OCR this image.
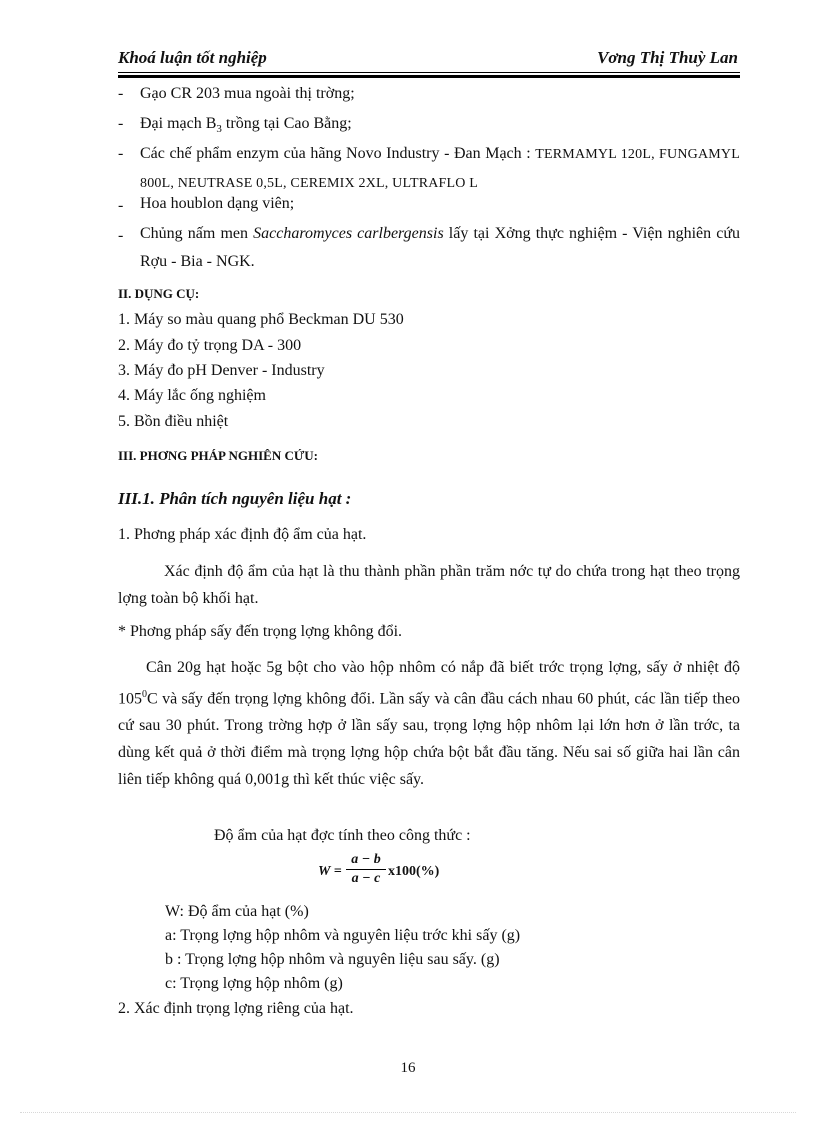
Khoá luận tốt nghiệp	Vơng Thị Thuỳ Lan
- Gạo CR 203 mua ngoài thị trờng;
- Đại mạch $B_3$ trồng tại Cao Bằng;
- Các chế phẩm enzym của hãng Novo Industry - Đan Mạch : TERMAMYL 120L, FUNGAMYL 800L, NEUTRASE 0,5L, CEREMIX 2XL, ULTRAFLO L
- Hoa houblon dạng viên;
- Chủng nấm men Saccharomyces carlbergensis lấy tại Xởng thực nghiệm - Viện nghiên cứu Rợu - Bia - NGK.
II. DỤNG CỤ:
1. Máy so màu quang phổ Beckman DU 530
2. Máy đo tỷ trọng DA - 300
3. Máy đo pH Denver - Industry
4. Máy lắc ống nghiệm
5. Bồn điều nhiệt
III. PHƠNG PHÁP NGHIÊN CỨU:
III.1. Phân tích nguyên liệu hạt :
1. Phơng pháp xác định độ ẩm của hạt.
Xác định độ ẩm của hạt là thu thành phần phần trăm nớc tự do chứa trong hạt theo trọng lợng toàn bộ khối hạt.
* Phơng pháp sấy đến trọng lợng không đổi.
Cân 20g hạt hoặc 5g bột cho vào hộp nhôm có nắp đã biết trớc trọng lợng, sấy ở nhiệt độ $105^0C$ và sấy đến trọng lợng không đổi. Lần sấy và cân đầu cách nhau 60 phút, các lần tiếp theo cứ sau 30 phút. Trong trờng hợp ở lần sấy sau, trọng lợng hộp nhôm lại lớn hơn ở lần trớc, ta dùng kết quả ở thời điểm mà trọng lợng hộp chứa bột bắt đầu tăng. Nếu sai số giữa hai lần cân liên tiếp không quá 0,001g thì kết thúc việc sấy.
Độ ẩm của hạt đợc tính theo công thức :
W =
a − b
a − c x100(%)
W: Độ ẩm của hạt (%)
a: Trọng lợng hộp nhôm và nguyên liệu trớc khi sấy (g)
b : Trọng lợng hộp nhôm và nguyên liệu sau sấy. (g)
c: Trọng lợng hộp nhôm (g)
2. Xác định trọng lợng riêng của hạt.
16
